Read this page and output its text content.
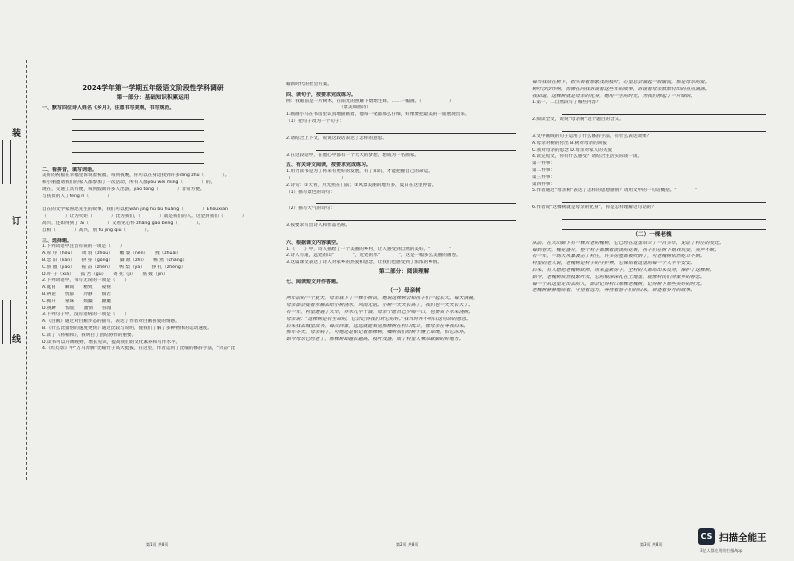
装
订
线
2024学年第一学期五年级语文阶段性学科调研
第一部分：基础知识积累运用

一、默写四位诗人姓名《乡月》，注意书写美观，书写规范。

二、看拼音，填写词语。

美好的祝福在幸福里诉说着祝福，每到夜晚，你可以在身边找到许多dìng zhǔ（　　　　）。

和小丽邀请我们的家人都参加了一次活动，所有人都yǒu wéi míng（　　　　）的。

现在，交通工具方便，每到假期许多人出游，jiāo tōng（　　　　）非常方便。

与扶贫的人了fēng rì（　　　　）

自在的文学家鲁迅先生的故事，我们可以把wǎn jìng hǔ bǔ huáng（　　　　）Ěhóuxiān

（　　　　）让为火炬（　　　　）比为我们，（　　　　）就是我们的人。这金封我们（　　　　）

高兴，还如得到了 ǎi（　　　　）又看见心怀 zhǎng gāo bēng（　　　　）。

自相（　　　　）高兴，别 fú jìng qiú（　　　　）。

三、选择题。

1.下列词语中注音有误的一项是（　　）

A.厚 序（hòu）　　周 羽（zhōu）　　嫩 黎（nèn）　　拽（zhuài）

B.恋 旧（liàn）　　拱 身（gǒng）　　脚 趾（zhǐ）　　畅 然（chàng）

C.骄 傲（jiāo）　　振 奋（zhèn）　　鸭 梨（yā）　　挣 扎（zhēng）

D.吓 子（xià）　　孤 苦（gū）　　寄 托（jì）　　筋 疲（jīn）

2.下列词语中，书写无误的一项是（　　）

A.诞育　　瞬间　　精致　　窥视

B.辨论　　忧郁　　冷静　　倘若

C.揭开　　蒙昧　　烦躁　　颠簸

D.挑衅　　惊慌　　激情　　弥漫

3.下列句子中，没有语病的一项是（　　）

A.《白鹅》通过对白鹅步态的描写，表达了作者对白鹅喜爱的情感。

B.《什么比猎豹的速度更快》通过比较与说明，使我们了解了多种物体的运动速度。

C.读了《将相和》，我明白了团结协作的重要。

D.读书可以开阔视野，增长见识，提高我们的文化素养和写作水平。

4.《红灯影》中“万马奔腾”比喻竹子高大挺拔，在这里，作者运用了比喻的修辞手法，“兴奋”比

第1页 共8页

喻新时代的社会方案。

四、读句子，按要求完成练习。

例：我眼前是一片树木，在阳光的照耀下熠熠生辉，……一幅画。（　　　　　　）

　　　　　　　　　　　　（景美如画诗）

1.画画小马在书房里认真地描画着，他每一笔都那么仔细，好像要把最美的一面展现出来。

（1）把句子改为一个句子：

2.请结合上下文，说说这段话表达了怎样的意思。

3.在这段话中，在他心中都有一个大大的梦想，想成为一名画家。

五、有关诗文阅读，按要求完成练习。

1.用力读书是为了将来有更好的发展，有了知识，才能把握自己的命运。

（　　　　　　　　　　　）

2.诗句：①天青，月光照在门前；②风景美丽的地方多，夏日在这里停留。

（1）描写景色的诗句：

（2）描写天气的诗句：

3.按要求写出诗人和作品名称。

六、根据课文内容填空。

1.《　　》中，诗人描绘了一个美丽的乡村，让人感受到自然的美好。“　　　　”

2.诗人写道，远处的山“　　　　”，近处的水“　　　　”，这是一幅多么美丽的画卷。

3.这篇课文表达了诗人对家乡的热爱和思念，让我们也感受到了浓浓的乡情。

第二部分：阅读理解

七、阅读短文并作答题。

（一）母亲树

两年前的一个夏天，母亲栽下了一棵小树苗，她说这棵树会和孩子们一起长大。每天清晨，

母亲都会提着水桶去给小树浇水，风雨无阻。小树一天天长高了，我们也一天天长大了。

有一年，村里遭遇了大旱，井水几乎干涸，母亲宁愿自己少喝一口，也要省下水来浇树。

母亲说：“这棵树是有生命的，它会记得我们对它的好。”我当时并不明白这句话的意思。

后来我去城里读书，每次回家，远远就能看见那棵树在村口挺立，像母亲在等我归来。

那年冬天，母亲病了，可她还是惦记着那棵树，嘱咐我们给树干缠上草绳，怕它冻坏。

如今母亲已经老了，那棵树却越长越高，枝叶茂盛，成了村里人乘凉歇脚的好地方。

第2页 共8页

每当我站在树下，抬头看着那繁茂的枝叶，心里总会涌起一股暖流，那是母亲的爱。

树叶沙沙作响，仿佛在向我诉说着这些年的故事，诉说着母亲默默付出的点点滴滴。

我知道，这棵树就是母亲的化身，她用一生的时光，为我们撑起了一片绿荫。

1.第一、二自然段写了哪些内容？

2.阅读全文，说说“母亲树”这个题目的含义。

3.文中画线的句子运用了什么修辞手法，有什么表达效果？

A.母亲对树的付出 B.树对母亲的回报

C.我对母亲的思念 D.母亲对家人的关爱

4.读完短文，你有什么感受？请结合生活实际谈一谈。

第一件事：

第二件事：

第三件事：

第四件事：

5.作者通过“母亲树”表达了怎样的思想感情？请用文中的一句话概括。“　　　　”

6.作者说“这棵树就是母亲的化身”，你是怎样理解这句话的？

（二）一棵老槐

从前，在大山脚下有一棵古老的槐树，它已经在这里站立了一百多年，见证了村庄的变迁。

每到春天，槐花盛开，整个村子都飘着淡淡的花香，孩子们在树下嬉戏玩耍，笑声不断。

有一年，一场大风暴袭击了村庄，许多房屋都被吹倒了，可老槐树依然屹立不倒。

村里的老人说，老槐树是村子的守护神，它保佑着这里的每一个人平平安安。

后来，有人想把老槐树砍掉，用来盖新房子，全村的人都站出来反对，保护了这棵树。

如今，老槐树依然枝繁叶茂，它的根深深扎在土地里，就像村民们对家乡的眷恋。

每一个从这里走出去的人，都会记得村口那棵老槐树，记得树下那些美好的时光。

老槐树静静地站着，守望着远方，等待着游子们的归来，讲述着岁月的故事。

第3页 共8页
CS 扫描全能王
3亿人都在用的扫描App
